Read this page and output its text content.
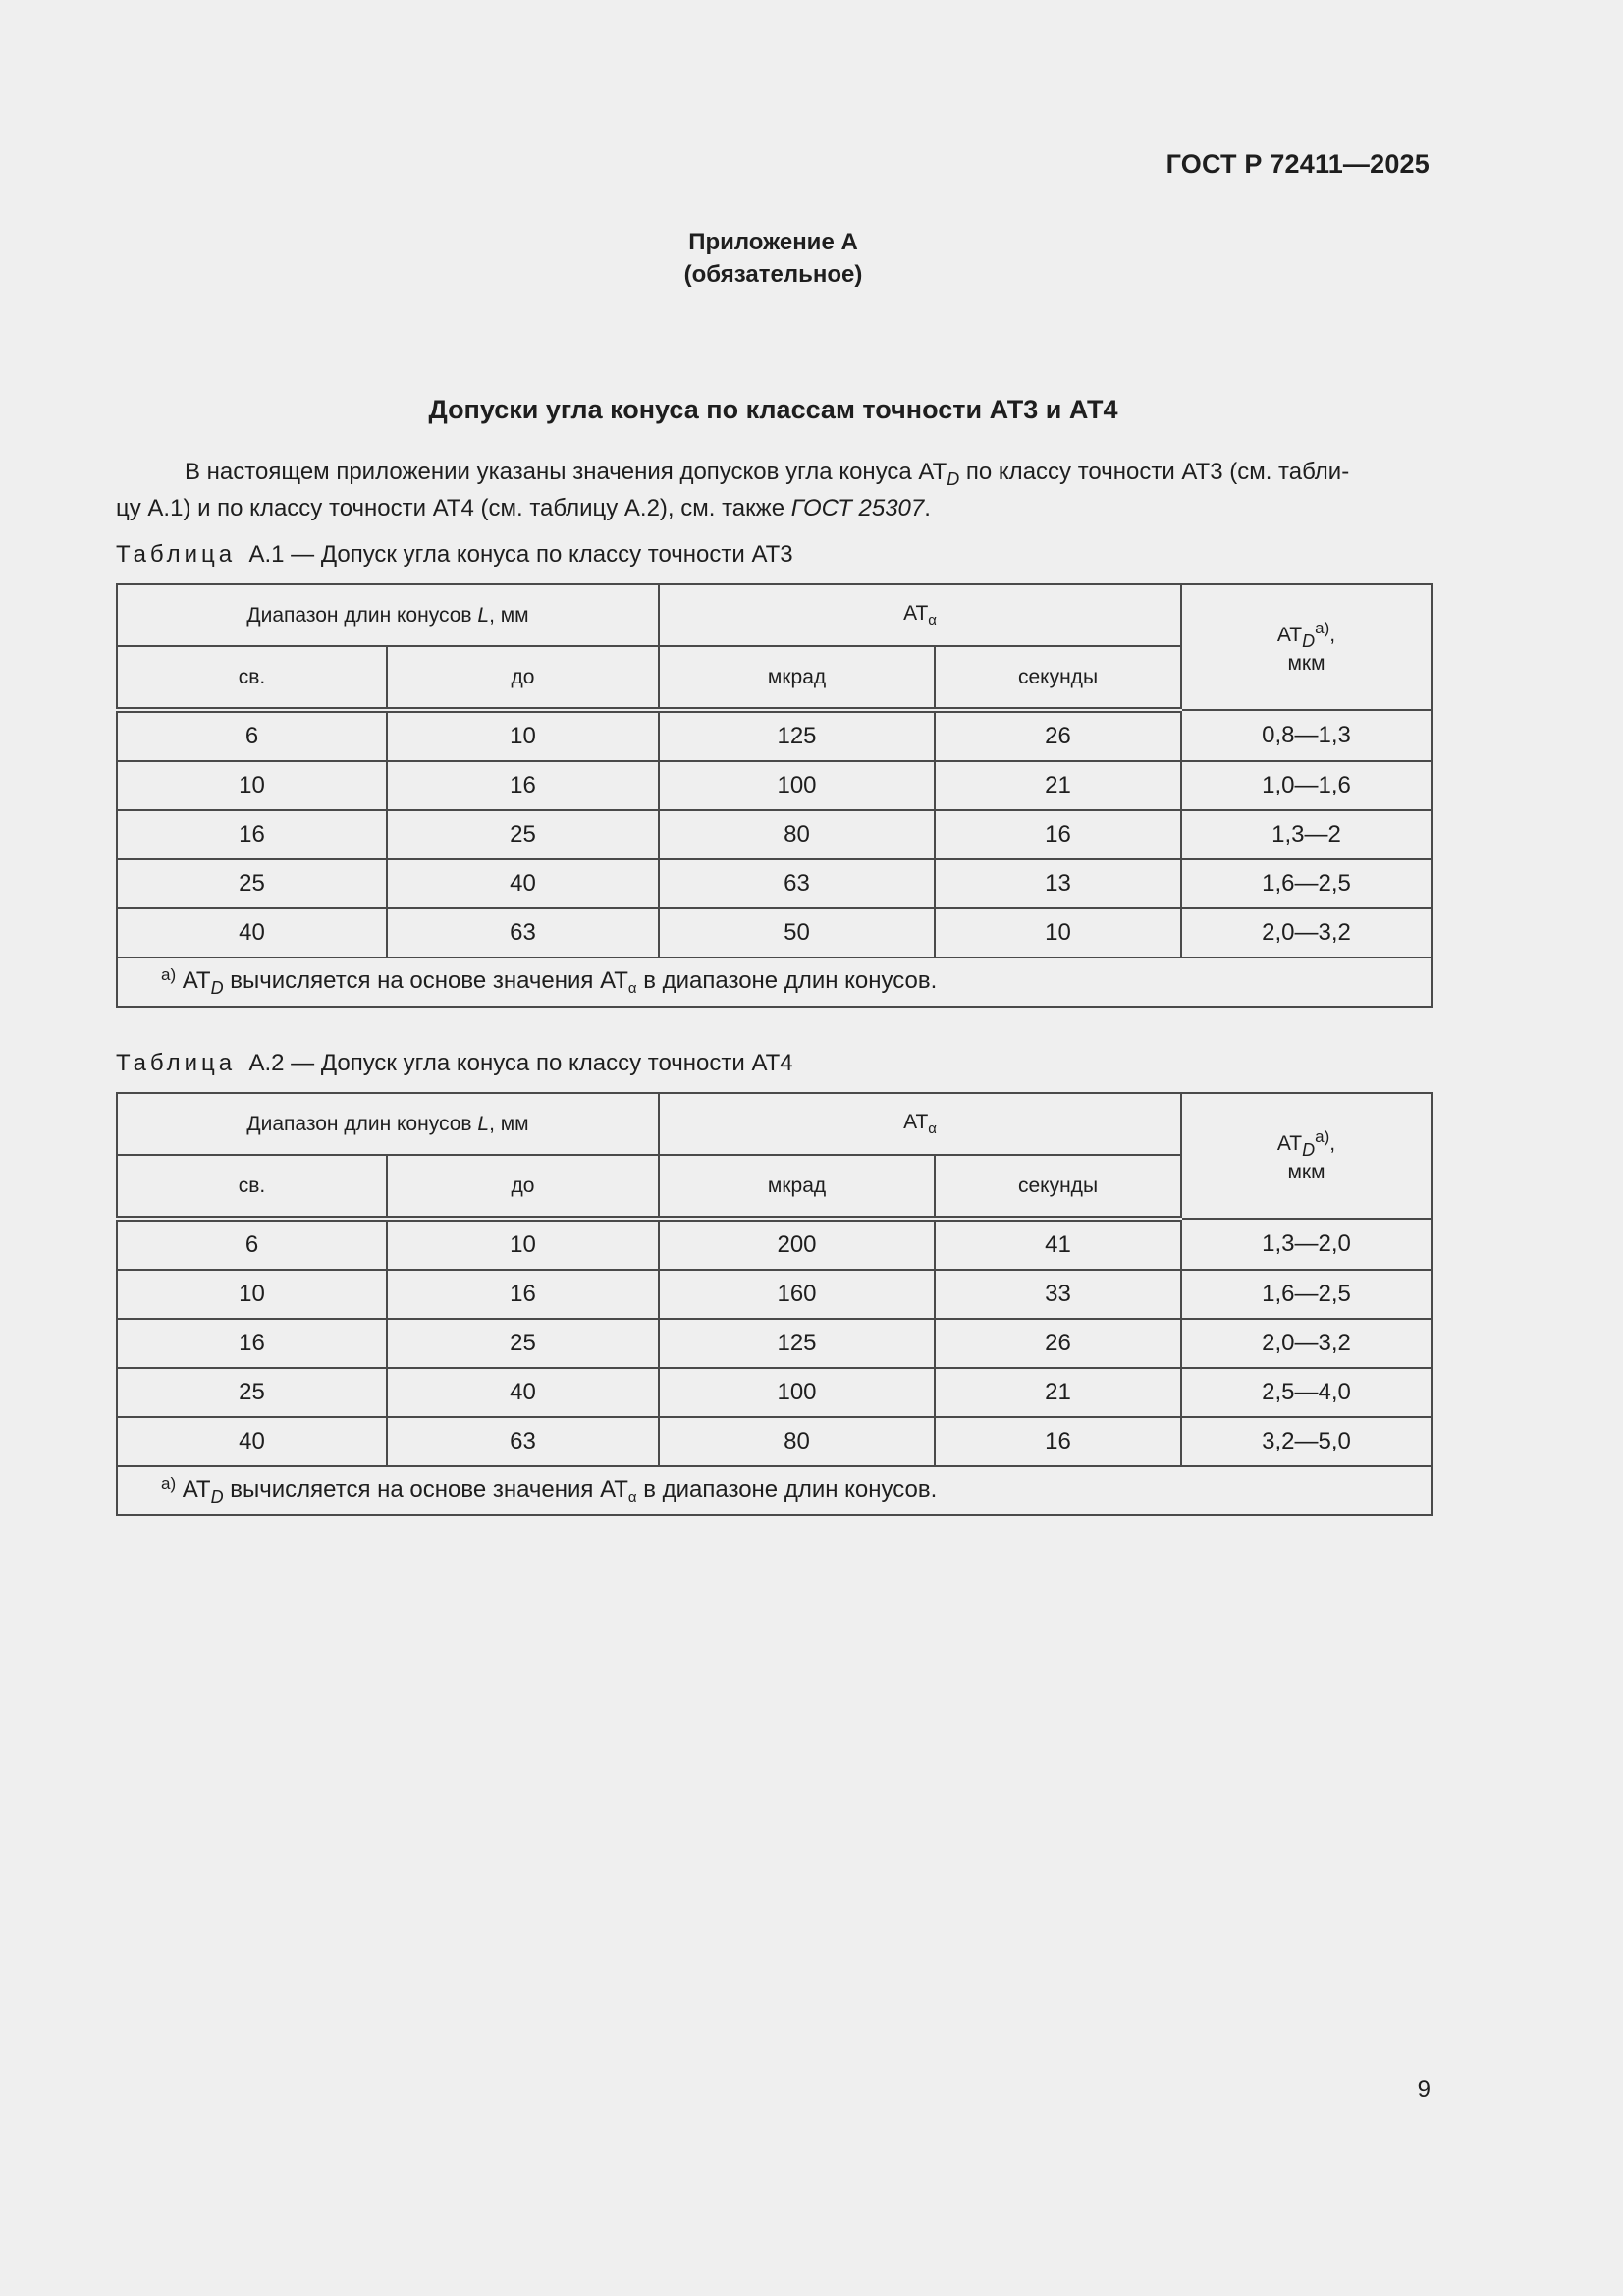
ГОСТ Р 72411—2025
Приложение А
(обязательное)
Допуски угла конуса по классам точности АТ3 и АТ4

В настоящем приложении указаны значения допусков угла конуса $АТ_D$ по классу точности АТ3 (см. табли-

цу А.1) и по классу точности АТ4 (см. таблицу А.2), см. также ГОСТ 25307.

Таблица А.1 — Допуск угла конуса по классу точности АТ3
Диапазон длин конусов L, мм		$АТ_\alpha$		$АТD^{а)}$,
мкм
св.	до	мкрад	секунды	
6	10	125	26	0,8—1,3
10	16	100	21	1,0—1,6
16	25	80	16	1,3—2
25	40	63	13	1,6—2,5
40	63	50	10	2,0—3,2
$^{а)}$ $АТ_D$ вычисляется на основе значения $АТ_\alpha$ в диапазоне длин конусов.				
Таблица А.2 — Допуск угла конуса по классу точности АТ4
Диапазон длин конусов L, мм		$АТ_\alpha$		$АТD^{а)}$,
мкм
св.	до	мкрад	секунды	
6	10	200	41	1,3—2,0
10	16	160	33	1,6—2,5
16	25	125	26	2,0—3,2
25	40	100	21	2,5—4,0
40	63	80	16	3,2—5,0
$^{а)}$ $АТ_D$ вычисляется на основе значения $АТ_\alpha$ в диапазоне длин конусов.				
9
